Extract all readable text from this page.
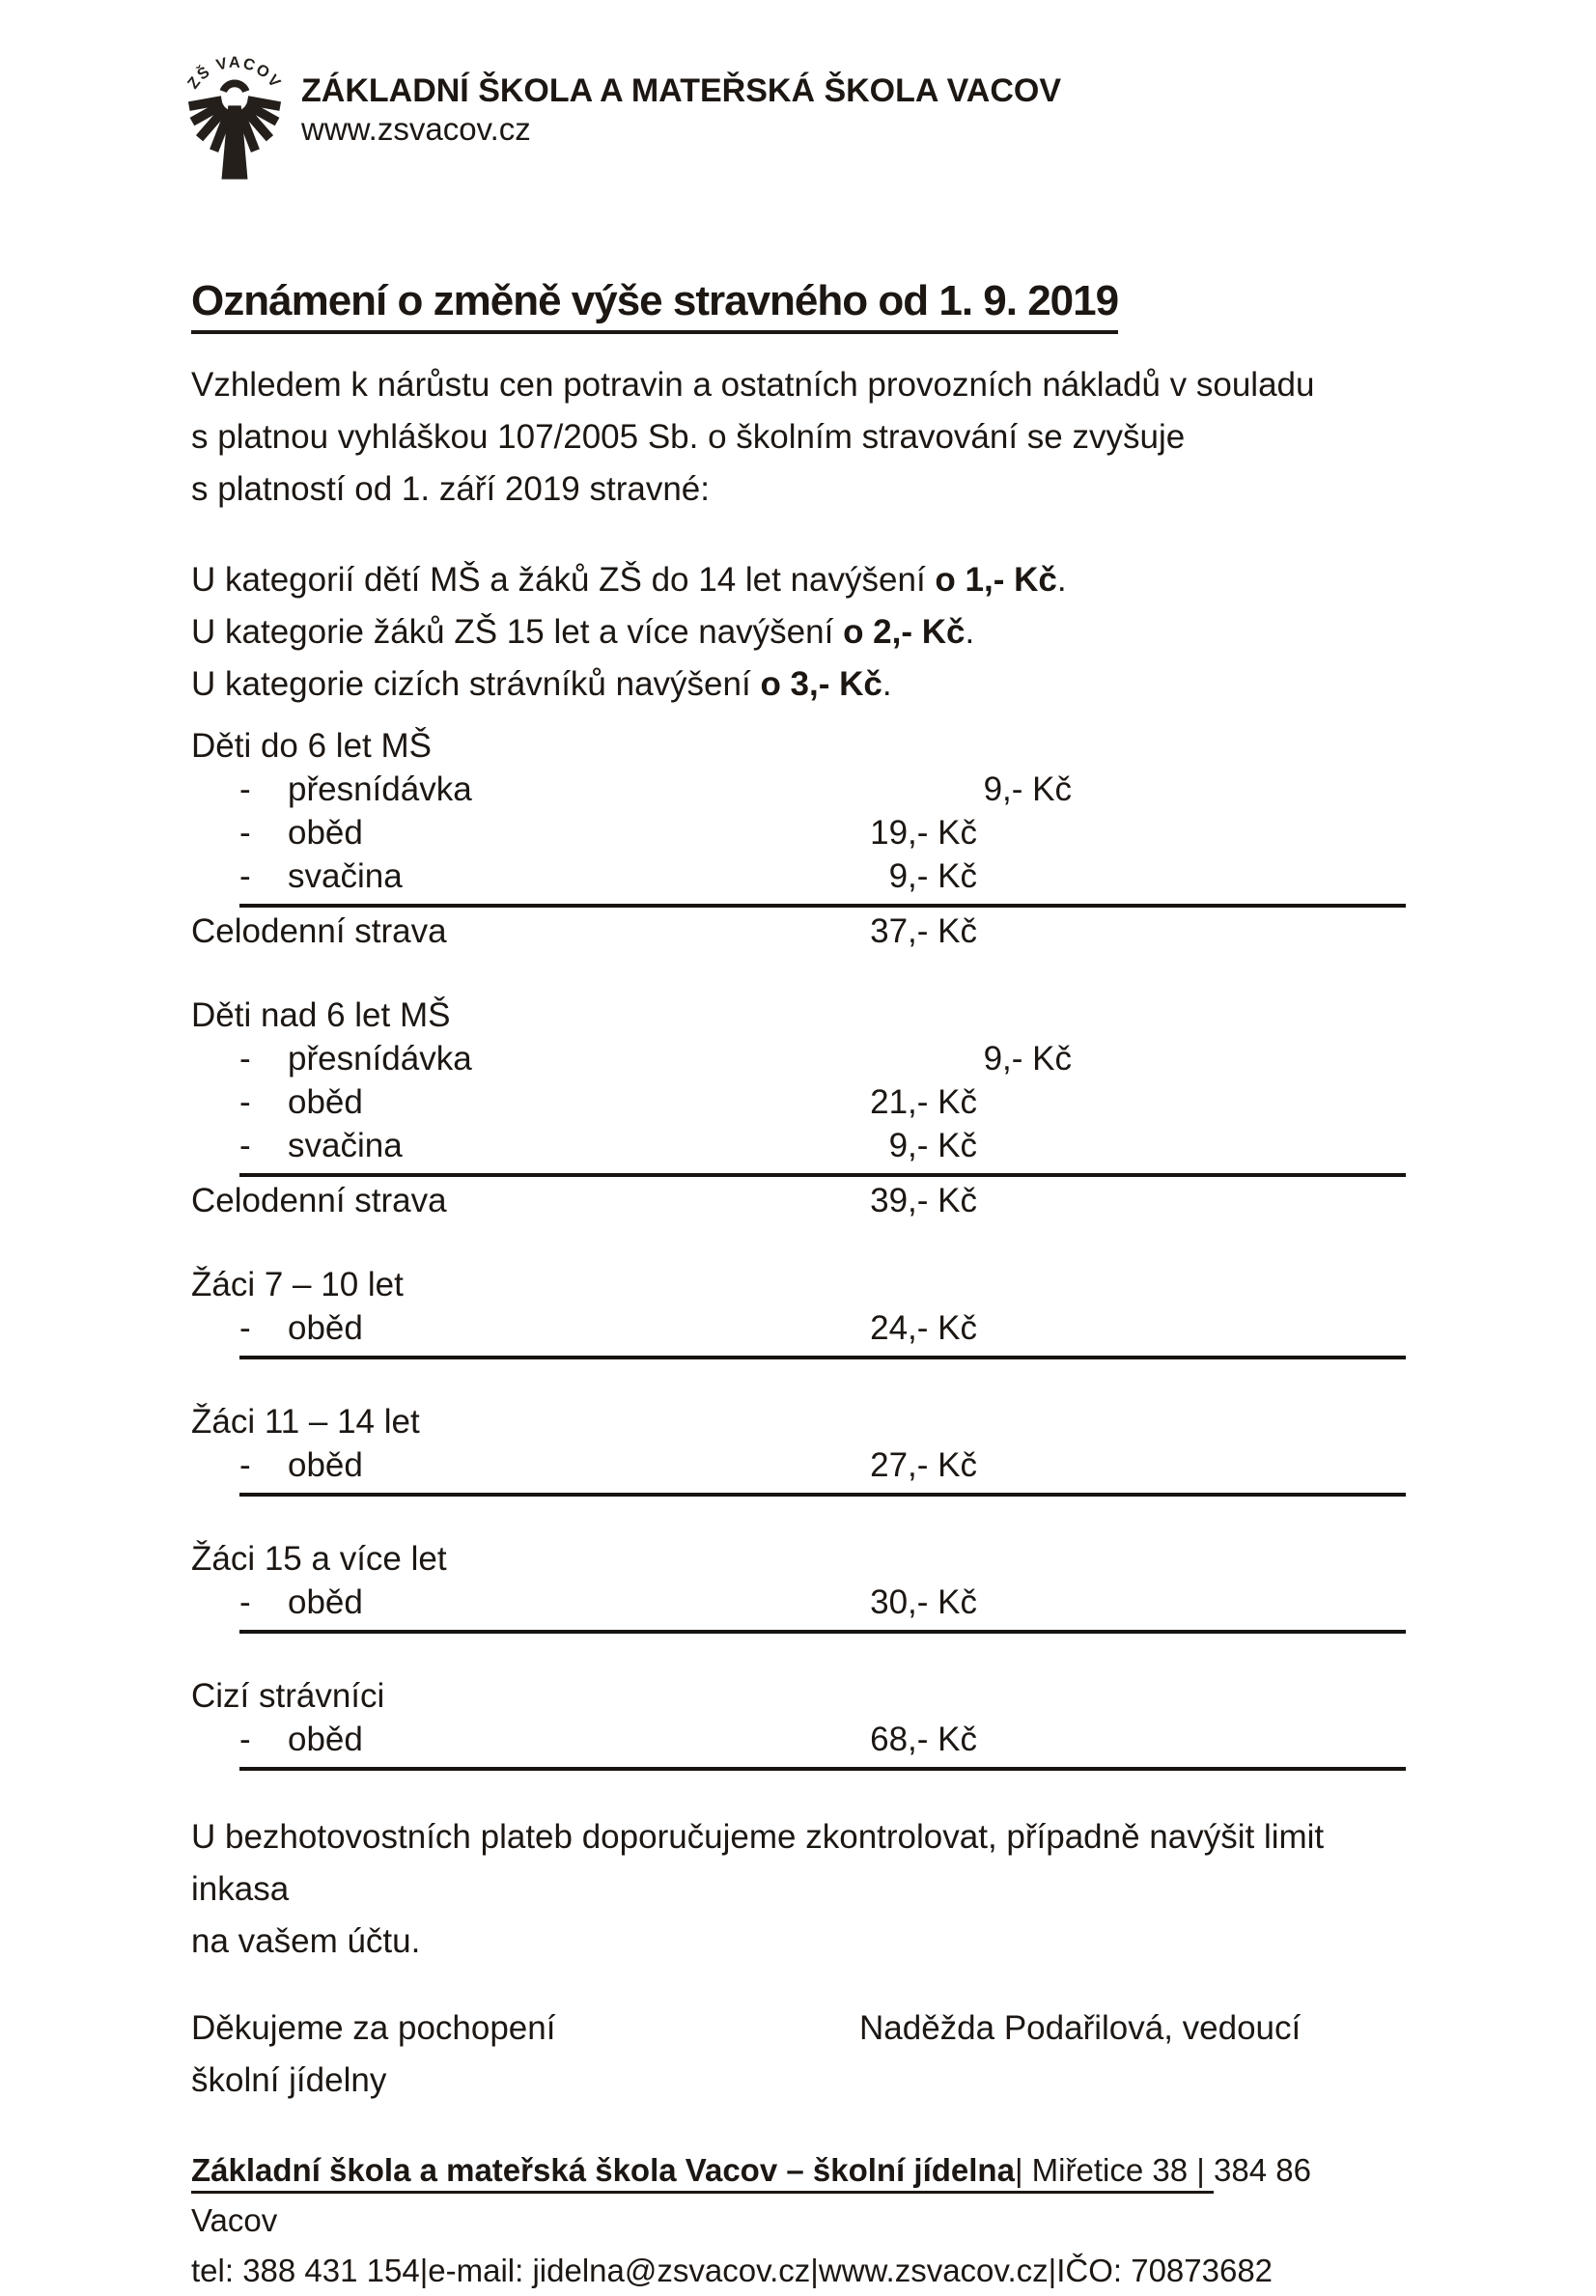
ZŠ VACOV ZÁKLADNÍ ŠKOLA A MATEŘSKÁ ŠKOLA VACOV
www.zsvacov.cz
Oznámení o změně výše stravného od 1. 9. 2019
Vzhledem k nárůstu cen potravin a ostatních provozních nákladů v souladu
s platnou vyhláškou 107/2005 Sb. o školním stravování se zvyšuje
s platností od 1. září 2019 stravné:
U kategorií dětí MŠ a žáků ZŠ do 14 let navýšení o 1,- Kč.
U kategorie žáků ZŠ 15 let a více navýšení o 2,- Kč.
U kategorie cizích strávníků navýšení o 3,- Kč.
Děti do 6 let MŠ
- přesnídávka	9,- Kč
- oběd	19,- Kč
- svačina	9,- Kč
Celodenní strava	37,- Kč
Děti nad 6 let MŠ
- přesnídávka	9,- Kč
- oběd	21,- Kč
- svačina	9,- Kč
Celodenní strava	39,- Kč
Žáci 7 – 10 let
- oběd	24,- Kč
Žáci 11 – 14 let
- oběd	27,- Kč
Žáci 15 a více let
- oběd	30,- Kč
Cizí strávníci
- oběd	68,- Kč
U bezhotovostních plateb doporučujeme zkontrolovat, případně navýšit limit inkasa
na vašem účtu.
Děkujeme za pochopení	Naděžda Podařilová, vedoucí
školní jídelny
Základní škola a mateřská škola Vacov – školní jídelna| Miřetice 38 | 384 86
Vacov
tel: 388 431 154|e-mail: jidelna@zsvacov.cz|www.zsvacov.cz|IČO: 70873682
